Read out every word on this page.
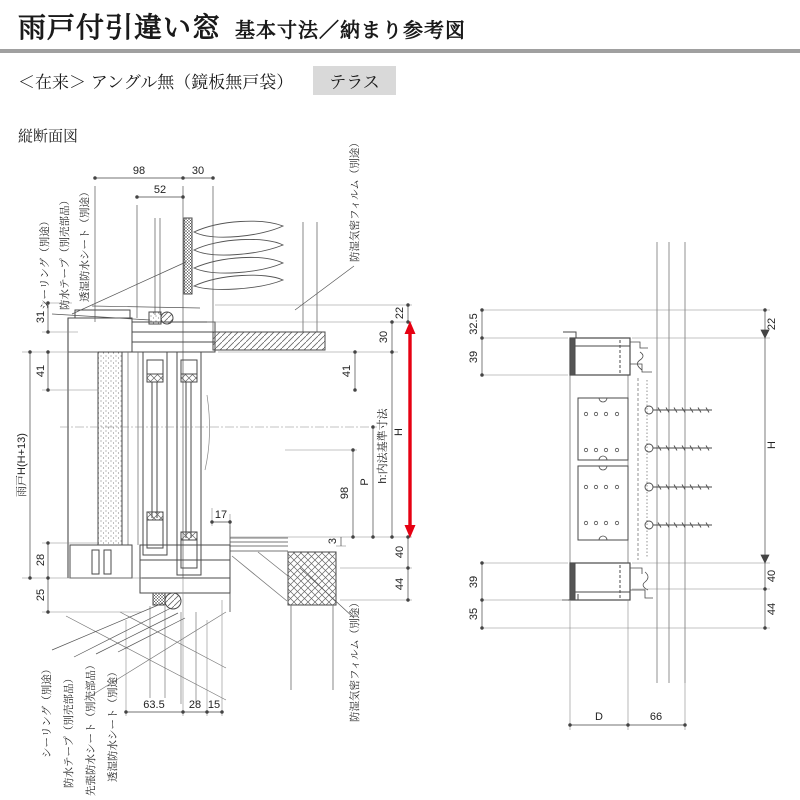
雨戸付引違い窓 基本寸法／納まり参考図
＜在来＞ アングル無（鏡板無戸袋）	テラス
縦断面図
98	30
52
63.5 28 15
17
31
41
雨戸H(H+13)
28
25
22
30
41
h:内法基準寸法
P
98
H
3
40
44
シーリング（別途） 防水テープ（別売部品） 透湿防水シート（別途）	防湿気密フィルム（別途）
シーリング（別途） 防水テープ（別売部品） 先張防水シート（別売部品） 透湿防水シート（別途）
防湿気密フィルム（別途）
32.5
39
39
35
22
H
40
44
D	66
